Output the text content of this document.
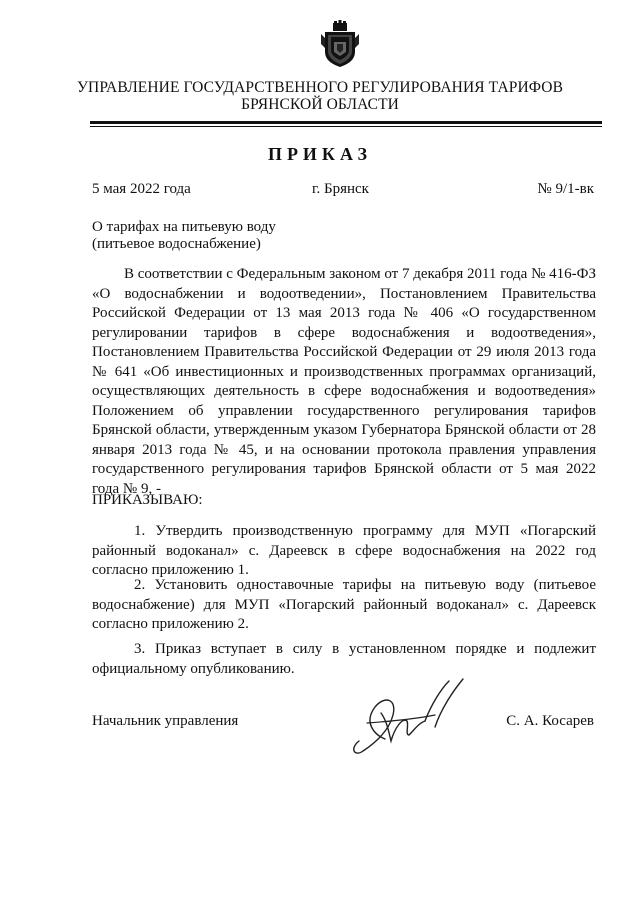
УПРАВЛЕНИЕ ГОСУДАРСТВЕННОГО РЕГУЛИРОВАНИЯ ТАРИФОВ
БРЯНСКОЙ ОБЛАСТИ
ПРИКАЗ
5 мая 2022 года	г. Брянск	№ 9/1-вк
О тарифах на питьевую воду
(питьевое водоснабжение)

В соответствии с Федеральным законом от 7 декабря 2011 года № 416-ФЗ «О водоснабжении и водоотведении», Постановлением Правительства Российской Федерации от 13 мая 2013 года № 406 «О государственном регулировании тарифов в сфере водоснабжения и водоотведения», Постановлением Правительства Российской Федерации от 29 июля 2013 года № 641 «Об инвестиционных и производственных программах организаций, осуществляющих деятельность в сфере водоснабжения и водоотведения» Положением об управлении государственного регулирования тарифов Брянской области, утвержденным указом Губернатора Брянской области от 28 января 2013 года № 45, и на основании протокола правления управления государственного регулирования тарифов Брянской области от 5 мая 2022 года № 9, -

ПРИКАЗЫВАЮ:

1. Утвердить производственную программу для МУП «Погарский районный водоканал» с. Дареевск в сфере водоснабжения на 2022 год согласно приложению 1.

2. Установить одноставочные тарифы на питьевую воду (питьевое водоснабжение) для МУП «Погарский районный водоканал» с. Дареевск согласно приложению 2.

3. Приказ вступает в силу в установленном порядке и подлежит официальному опубликованию.

Начальник управления	С. А. Косарев
